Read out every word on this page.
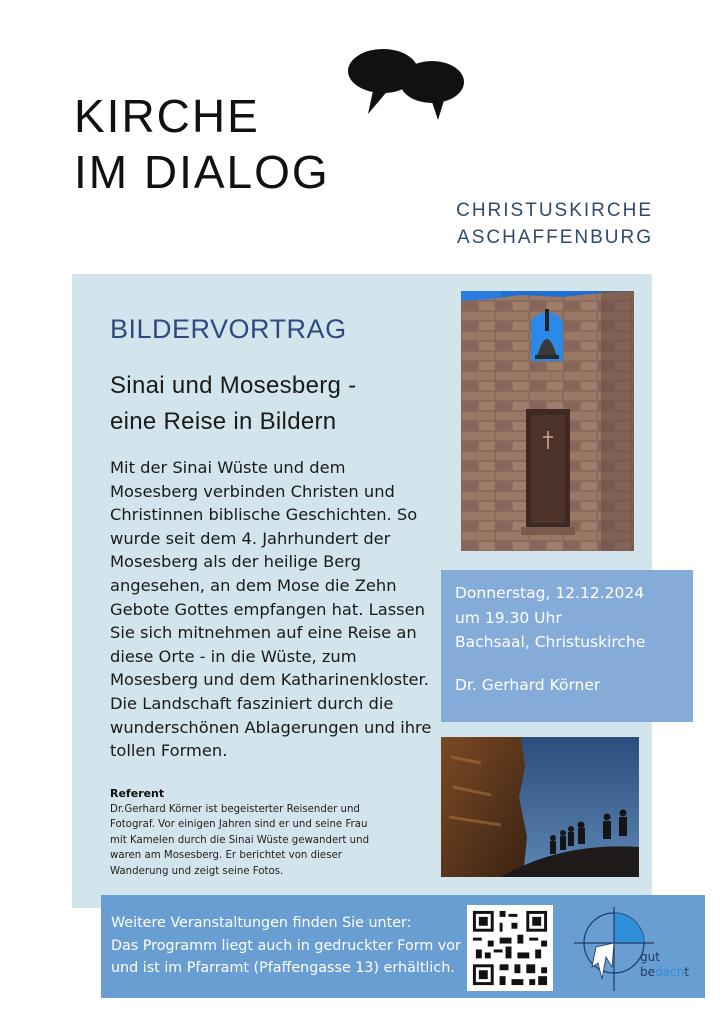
KIRCHE
IM DIALOG
CHRISTUSKIRCHE
ASCHAFFENBURG
BILDERVORTRAG
Sinai und Mosesberg -
eine Reise in Bildern
Mit der Sinai Wüste und dem
Mosesberg verbinden Christen und
Christinnen biblische Geschichten. So
wurde seit dem 4. Jahrhundert der
Mosesberg als der heilige Berg
angesehen, an dem Mose die Zehn
Gebote Gottes empfangen hat. Lassen
Sie sich mitnehmen auf eine Reise an
diese Orte - in die Wüste, zum
Mosesberg und dem Katharinenkloster.
Die Landschaft fasziniert durch die
wunderschönen Ablagerungen und ihre
tollen Formen.
Referent
Dr.Gerhard Körner ist begeisterter Reisender und
Fotograf. Vor einigen Jahren sind er und seine Frau
mit Kamelen durch die Sinai Wüste gewandert und
waren am Mosesberg. Er berichtet von dieser
Wanderung und zeigt seine Fotos.
Donnerstag, 12.12.2024
um 19.30 Uhr
Bachsaal, Christuskirche
Dr. Gerhard Körner
Weitere Veranstaltungen finden Sie unter:
Das Programm liegt auch in gedruckter Form vor
und ist im Pfarramt (Pfaffengasse 13) erhältlich.
gut
bedacht
